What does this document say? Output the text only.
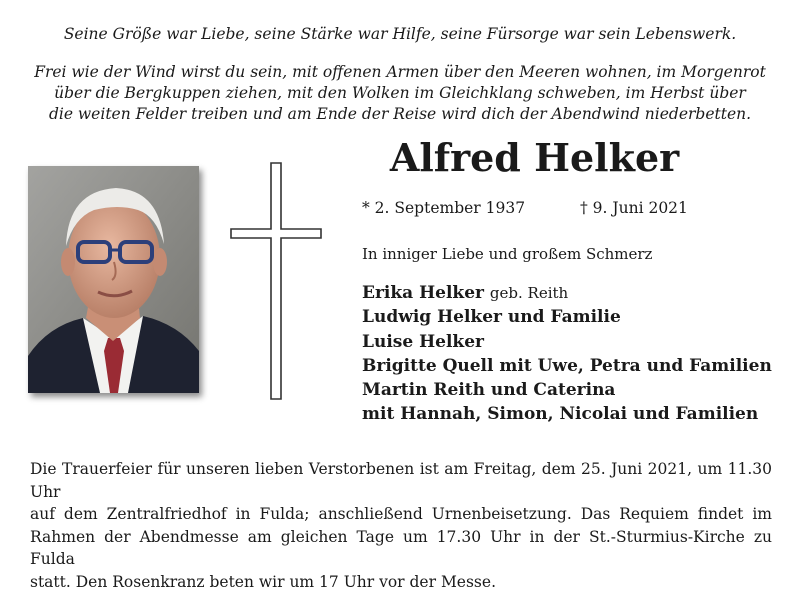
Seine Größe war Liebe, seine Stärke war Hilfe, seine Fürsorge war sein Lebenswerk.

Frei wie der Wind wirst du sein, mit offenen Armen über den Meeren wohnen, im Morgenrot
über die Bergkuppen ziehen, mit den Wolken im Gleichklang schweben, im Herbst über
die weiten Felder treiben und am Ende der Reise wird dich der Abendwind niederbetten.

Alfred Helker

* 2. September 1937	† 9. Juni 2021

In inniger Liebe und großem Schmerz

Erika Helker geb. Reith
Ludwig Helker und Familie
Luise Helker
Brigitte Quell mit Uwe, Petra und Familien
Martin Reith und Caterina
mit Hannah, Simon, Nicolai und Familien

Die Trauerfeier für unseren lieben Verstorbenen ist am Freitag, dem 25. Juni 2021, um 11.30 Uhr
auf dem Zentralfriedhof in Fulda; anschließend Urnenbeisetzung. Das Requiem findet im
Rahmen der Abendmesse am gleichen Tage um 17.30 Uhr in der St.-Sturmius-Kirche zu Fulda
statt. Den Rosenkranz beten wir um 17 Uhr vor der Messe.
